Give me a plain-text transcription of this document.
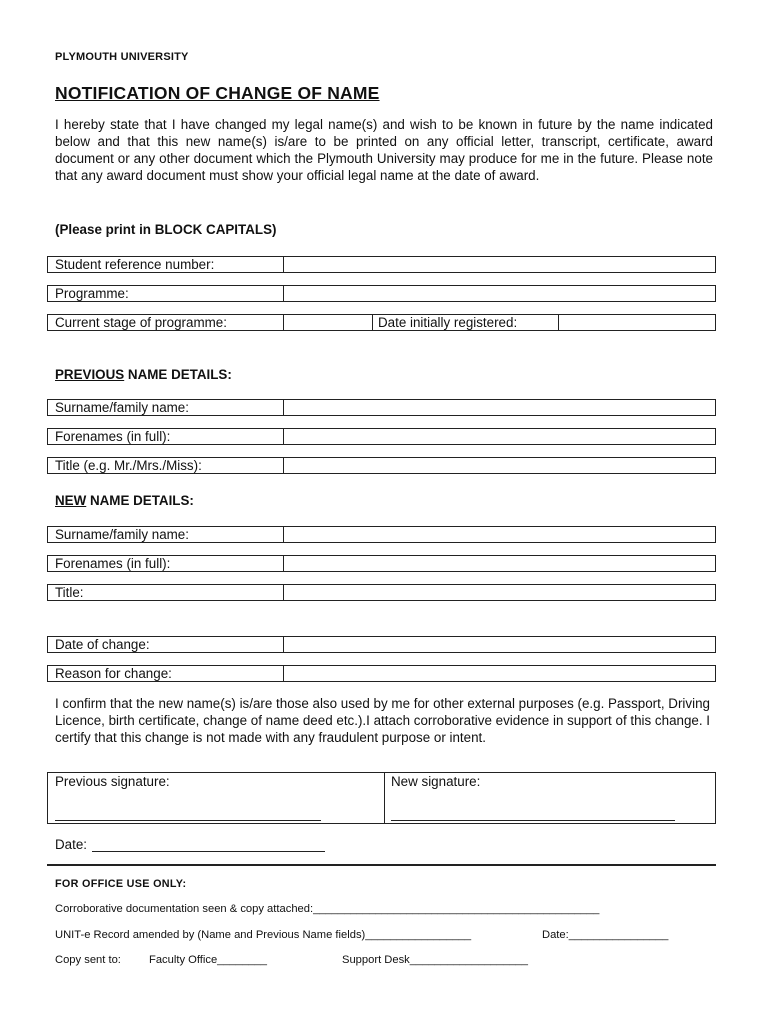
PLYMOUTH UNIVERSITY
NOTIFICATION OF CHANGE OF NAME
I hereby state that I have changed my legal name(s) and wish to be known in future by the name indicated below and that this new name(s) is/are to be printed on any official letter, transcript, certificate, award document or any other document which the Plymouth University may produce for me in the future. Please note that any award document must show your official legal name at the date of award.
(Please print in BLOCK CAPITALS)
Student reference number:
Programme:
Current stage of programme:	Date initially registered:
PREVIOUS NAME DETAILS:
Surname/family name:
Forenames (in full):
Title (e.g. Mr./Mrs./Miss):
NEW NAME DETAILS:
Surname/family name:
Forenames (in full):
Title:
Date of change:
Reason for change:
I confirm that the new name(s) is/are those also used by me for other external purposes (e.g. Passport, Driving Licence, birth certificate, change of name deed etc.).I attach corroborative evidence in support of this change. I certify that this change is not made with any fraudulent purpose or intent.
Previous signature:	New signature:
Date:
FOR OFFICE USE ONLY:
Corroborative documentation seen & copy attached:______________________________________________
UNIT-e Record amended by (Name and Previous Name fields)_________________	Date:________________
Copy sent to:	Faculty Office________	Support Desk___________________
